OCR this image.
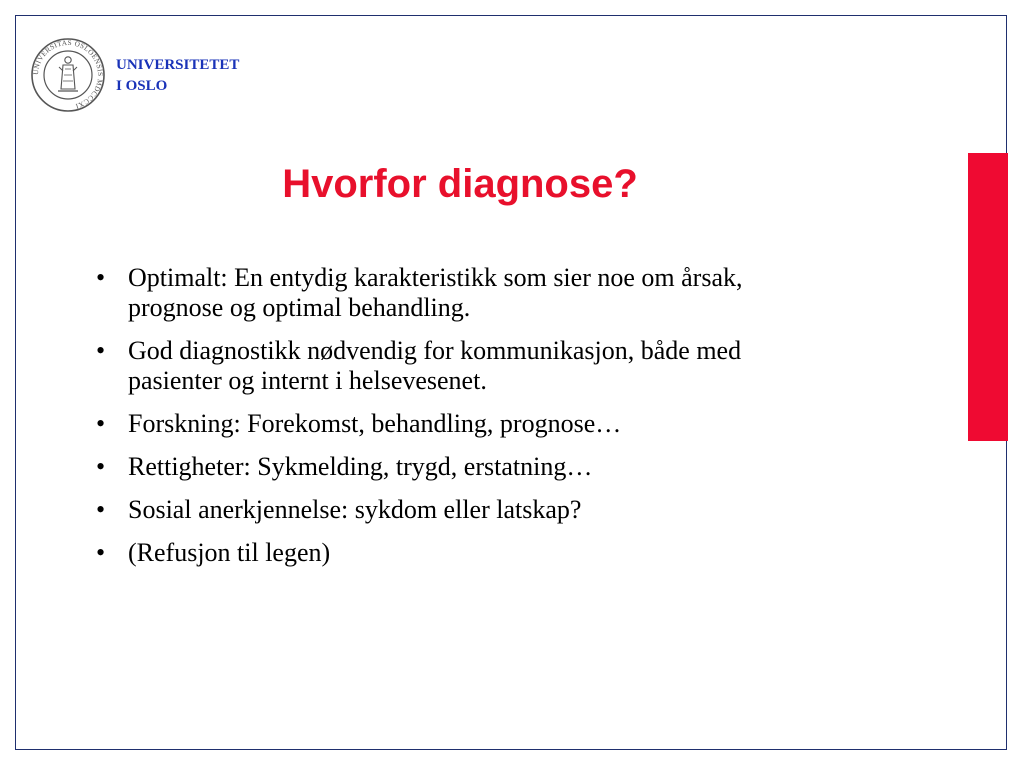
UNIVERSITAS OSLOENSIS MDCCCXI
UNIVERSITETET
I OSLO
Hvorfor diagnose?
• Optimalt: En entydig karakteristikk som sier noe om årsak, prognose og optimal behandling.
• God diagnostikk nødvendig for kommunikasjon, både med pasienter og internt i helsevesenet.
• Forskning: Forekomst, behandling, prognose…
• Rettigheter: Sykmelding, trygd, erstatning…
• Sosial anerkjennelse: sykdom eller latskap?
• (Refusjon til legen)
